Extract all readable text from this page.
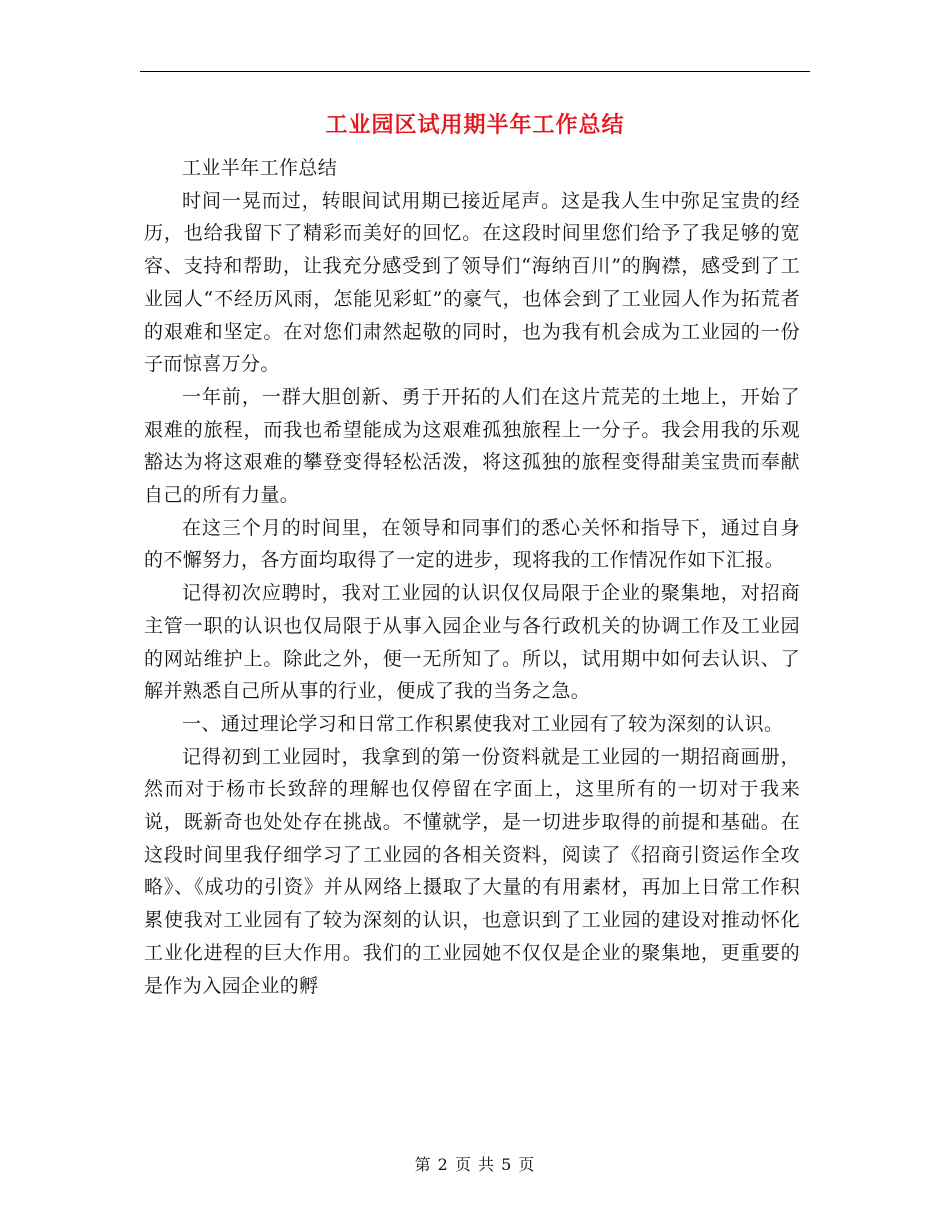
工业园区试用期半年工作总结

工业半年工作总结

时间一晃而过，转眼间试用期已接近尾声。这是我人生中弥足宝贵的经历，也给我留下了精彩而美好的回忆。在这段时间里您们给予了我足够的宽容、支持和帮助，让我充分感受到了领导们“海纳百川”的胸襟，感受到了工业园人“不经历风雨，怎能见彩虹”的豪气，也体会到了工业园人作为拓荒者的艰难和坚定。在对您们肃然起敬的同时，也为我有机会成为工业园的一份子而惊喜万分。

一年前，一群大胆创新、勇于开拓的人们在这片荒芜的土地上，开始了艰难的旅程，而我也希望能成为这艰难孤独旅程上一分子。我会用我的乐观豁达为将这艰难的攀登变得轻松活泼，将这孤独的旅程变得甜美宝贵而奉献自己的所有力量。

在这三个月的时间里，在领导和同事们的悉心关怀和指导下，通过自身的不懈努力，各方面均取得了一定的进步，现将我的工作情况作如下汇报。

记得初次应聘时，我对工业园的认识仅仅局限于企业的聚集地，对招商主管一职的认识也仅局限于从事入园企业与各行政机关的协调工作及工业园的网站维护上。除此之外，便一无所知了。所以，试用期中如何去认识、了解并熟悉自己所从事的行业，便成了我的当务之急。

一、通过理论学习和日常工作积累使我对工业园有了较为深刻的认识。

记得初到工业园时，我拿到的第一份资料就是工业园的一期招商画册，然而对于杨市长致辞的理解也仅停留在字面上，这里所有的一切对于我来说，既新奇也处处存在挑战。不懂就学，是一切进步取得的前提和基础。在这段时间里我仔细学习了工业园的各相关资料，阅读了《招商引资运作全攻略》、《成功的引资》并从网络上摄取了大量的有用素材，再加上日常工作积累使我对工业园有了较为深刻的认识，也意识到了工业园的建设对推动怀化工业化进程的巨大作用。我们的工业园她不仅仅是企业的聚集地，更重要的是作为入园企业的孵

第 2 页 共 5 页
